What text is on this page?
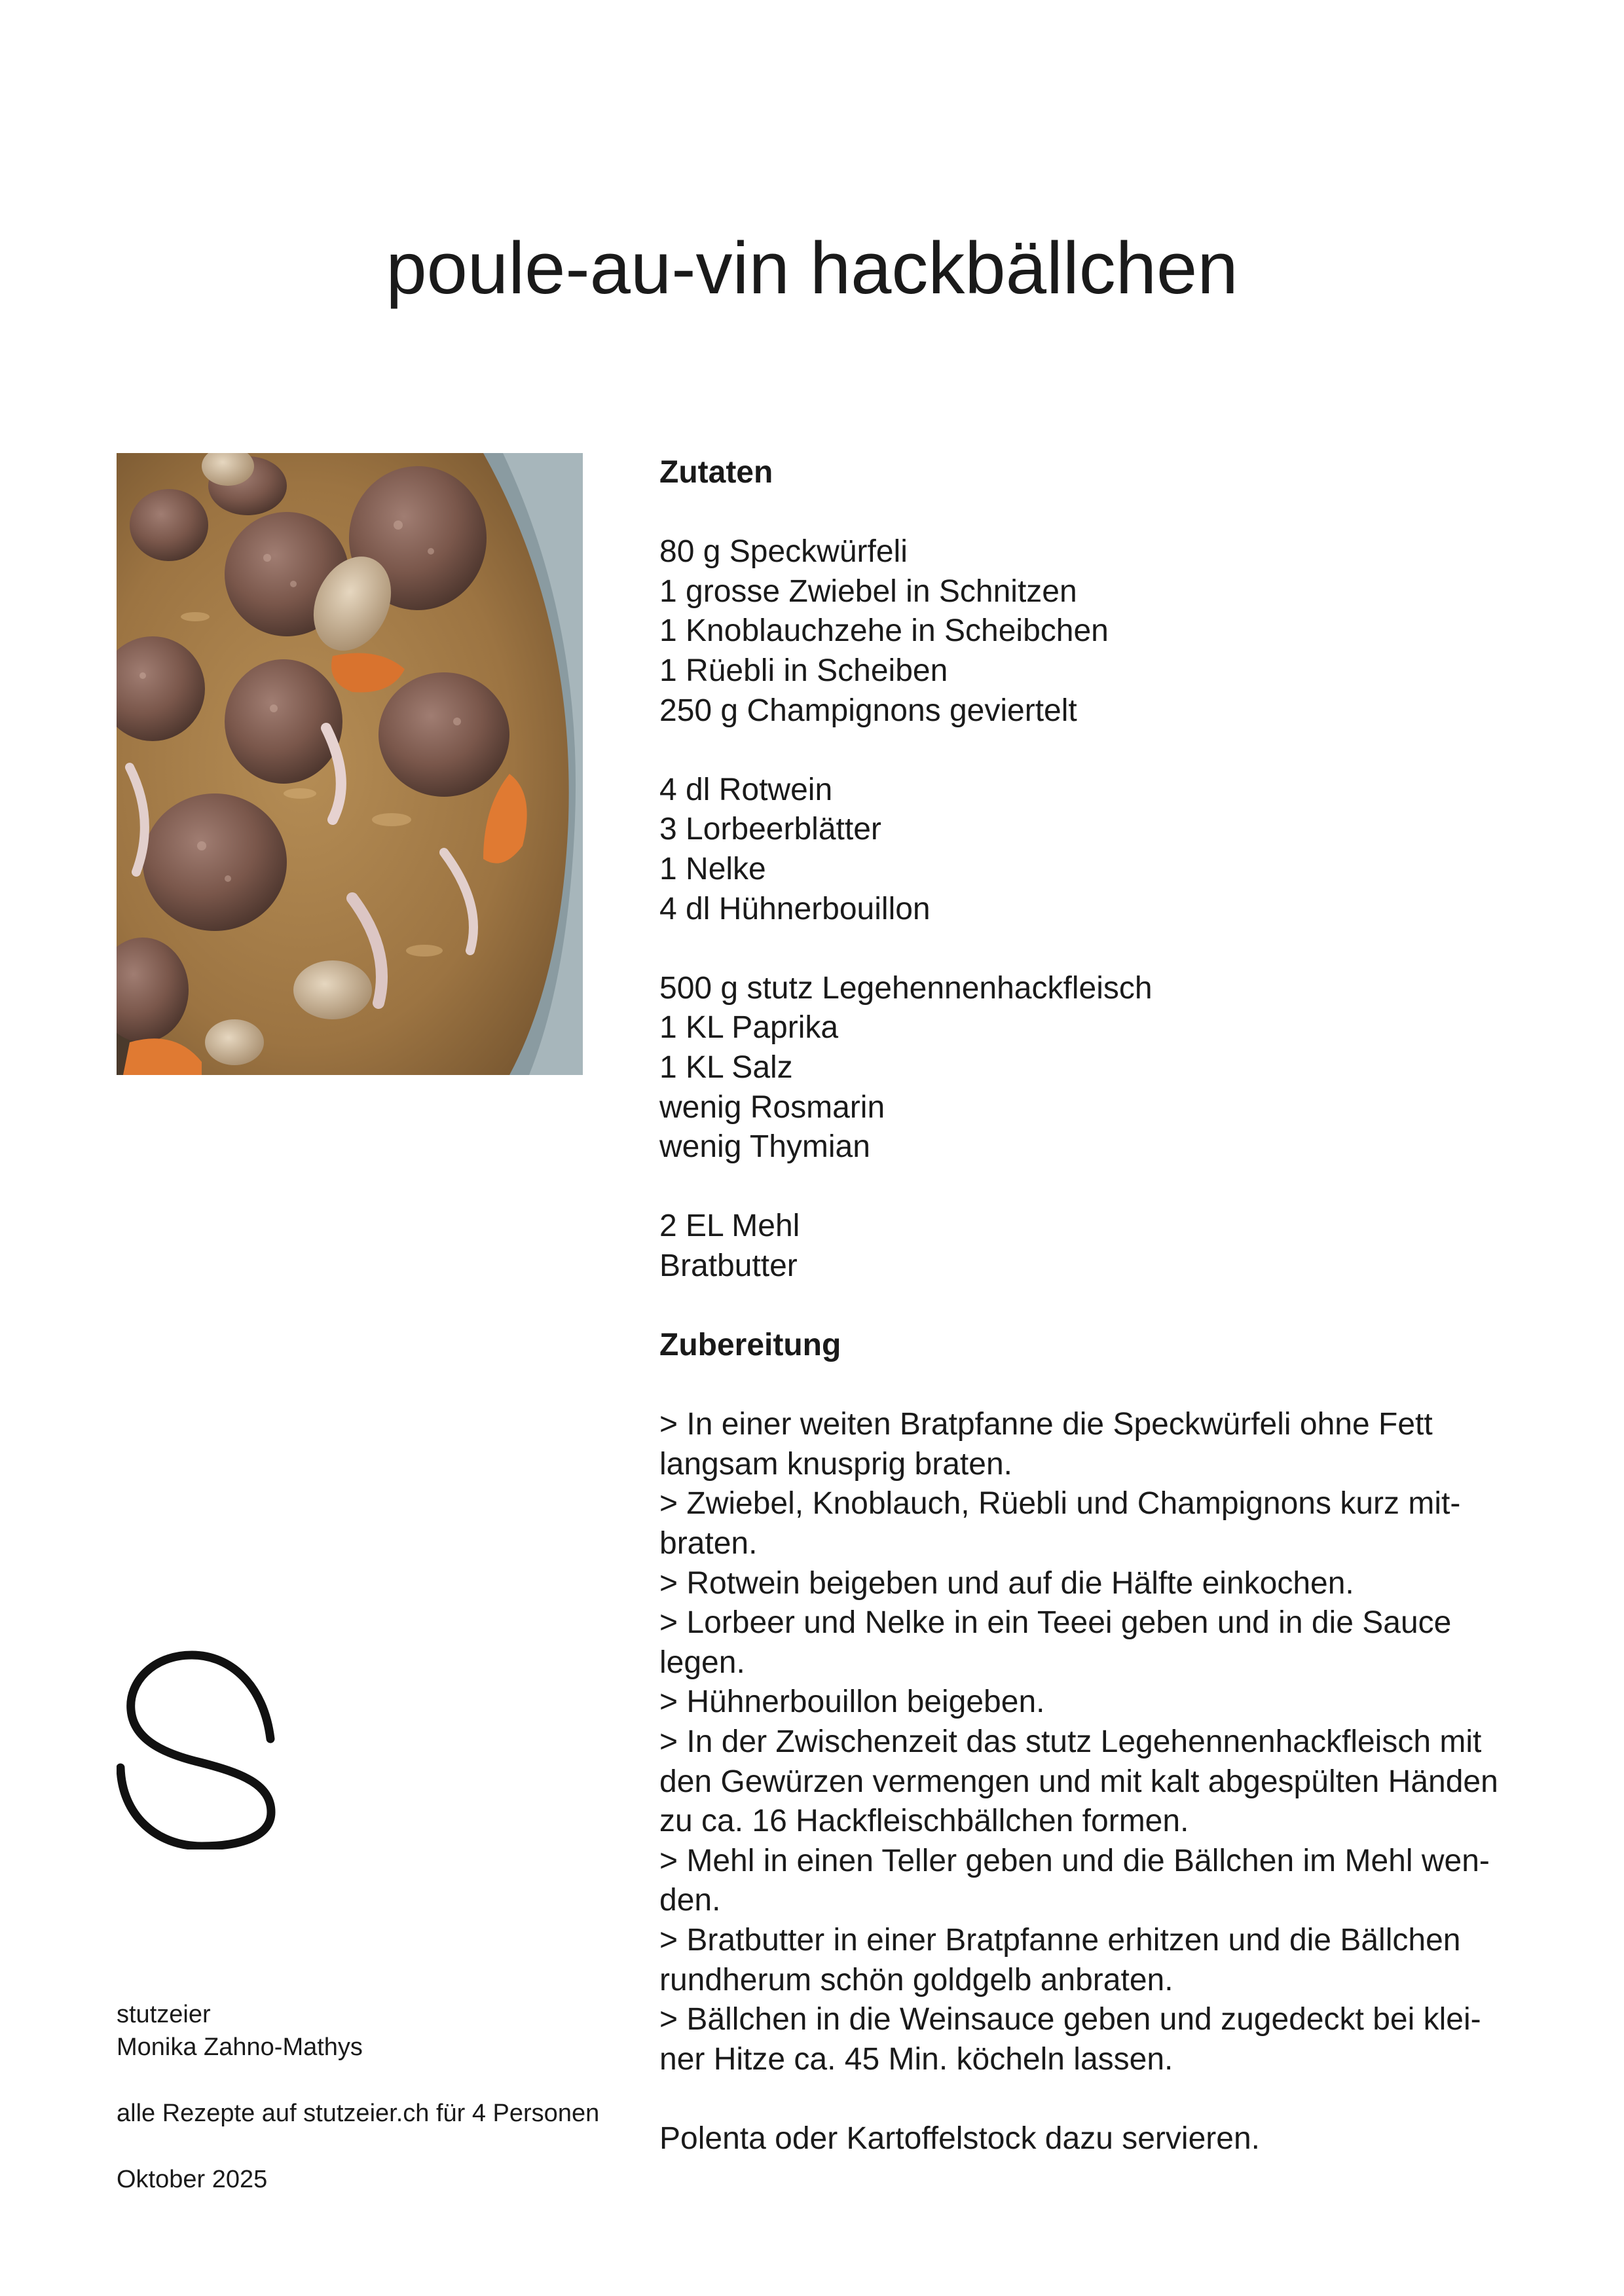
poule-au-vin hackbällchen
Zutaten
80 g Speckwürfeli
1 grosse Zwiebel in Schnitzen
1 Knoblauchzehe in Scheibchen
1 Rüebli in Scheiben
250 g Champignons geviertelt
4 dl Rotwein
3 Lorbeerblätter
1 Nelke
4 dl Hühnerbouillon
500 g stutz Legehennenhackfleisch
1 KL Paprika
1 KL Salz
wenig Rosmarin
wenig Thymian
2 EL Mehl
Bratbutter
Zubereitung
> In einer weiten Bratpfanne die Speckwürfeli ohne Fett
langsam knusprig braten.
> Zwiebel, Knoblauch, Rüebli und Champignons kurz mit-
braten.
> Rotwein beigeben und auf die Hälfte einkochen.
> Lorbeer und Nelke in ein Teeei geben und in die Sauce
legen.
> Hühnerbouillon beigeben.
> In der Zwischenzeit das stutz Legehennenhackfleisch mit
den Gewürzen vermengen und mit kalt abgespülten Händen
zu ca. 16 Hackfleischbällchen formen.
> Mehl in einen Teller geben und die Bällchen im Mehl wen-
den.
> Bratbutter in einer Bratpfanne erhitzen und die Bällchen
rundherum schön goldgelb anbraten.
> Bällchen in die Weinsauce geben und zugedeckt bei klei-
ner Hitze ca. 45 Min. köcheln lassen.
Polenta oder Kartoffelstock dazu servieren.

stutzeier

Monika Zahno-Mathys

alle Rezepte auf stutzeier.ch für 4 Personen

Oktober 2025
